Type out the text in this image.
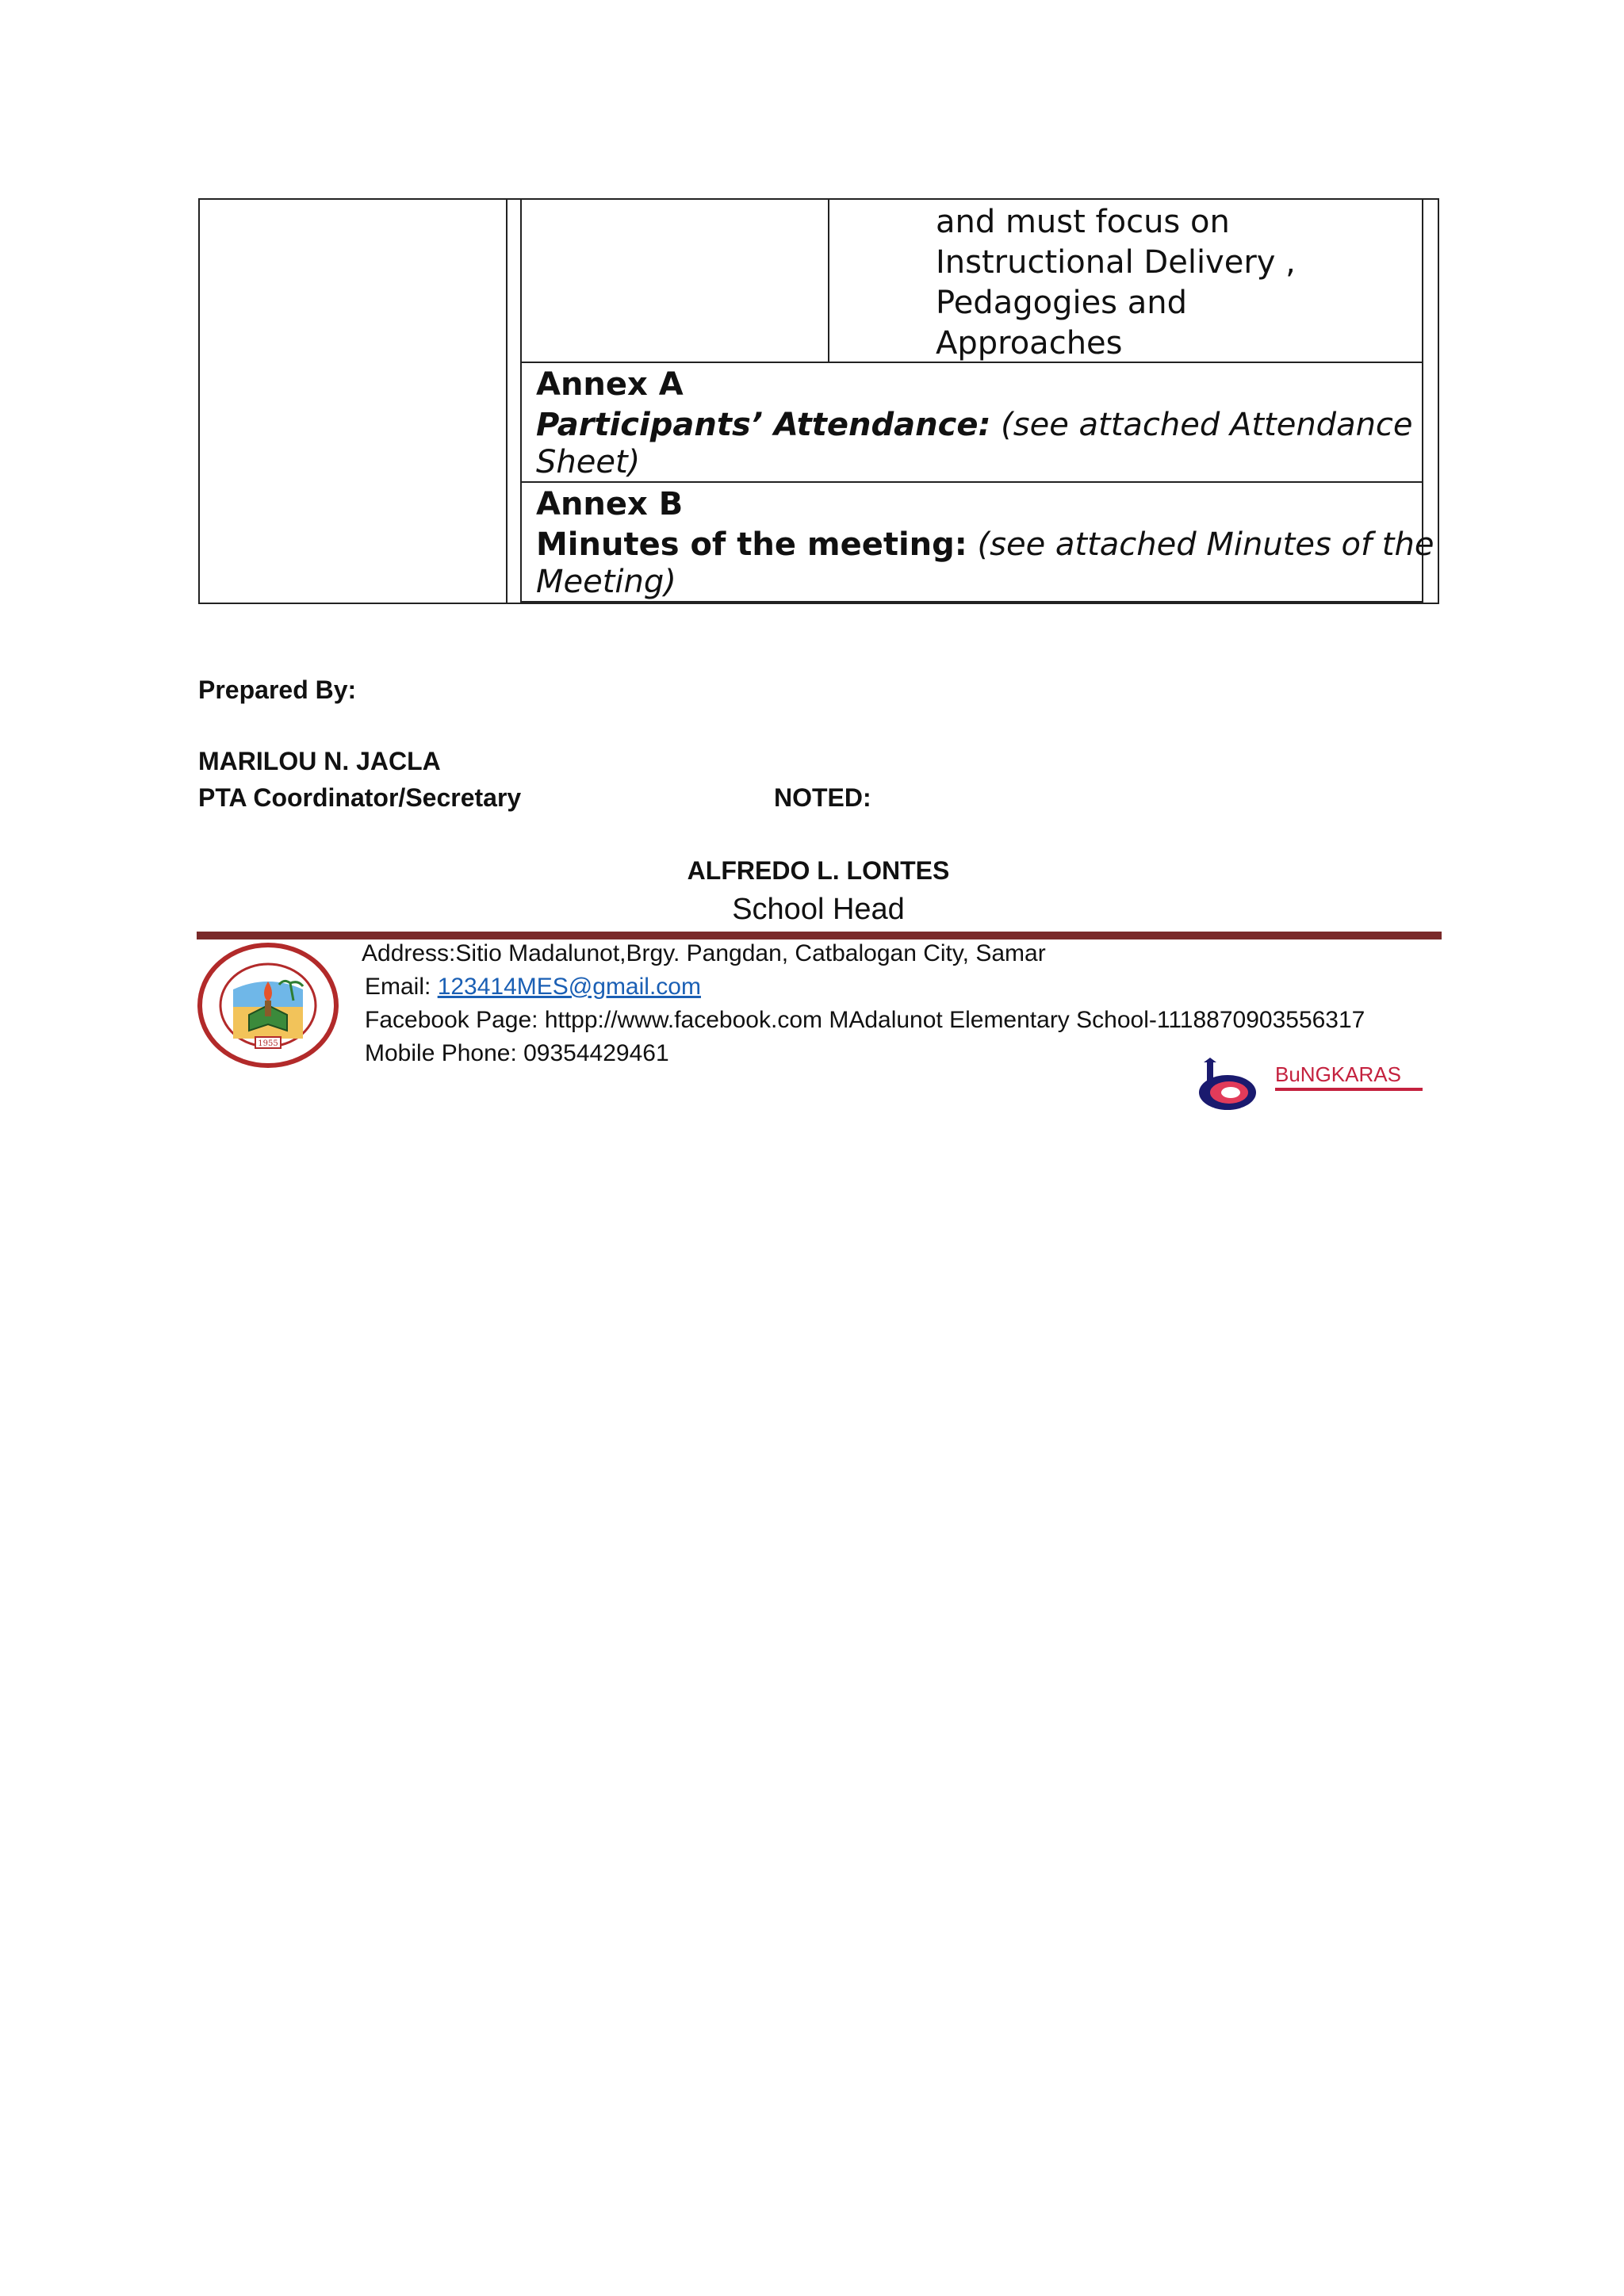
and must focus on
Instructional Delivery ,
Pedagogies and
Approaches
Annex A
Participants’ Attendance: (see attached Attendance
Sheet)
Annex B
Minutes of the meeting: (see attached Minutes of the
Meeting)
Prepared By:
MARILOU N. JACLA
PTA Coordinator/Secretary	NOTED:
ALFREDO L. LONTES
School Head
1955
Address:Sitio Madalunot,Brgy. Pangdan, Catbalogan City, Samar
Email: 123414MES@gmail.com
Facebook Page: httpp://www.facebook.com MAdalunot Elementary School-1118870903556317
Mobile Phone: 09354429461
BuNGKARAS
